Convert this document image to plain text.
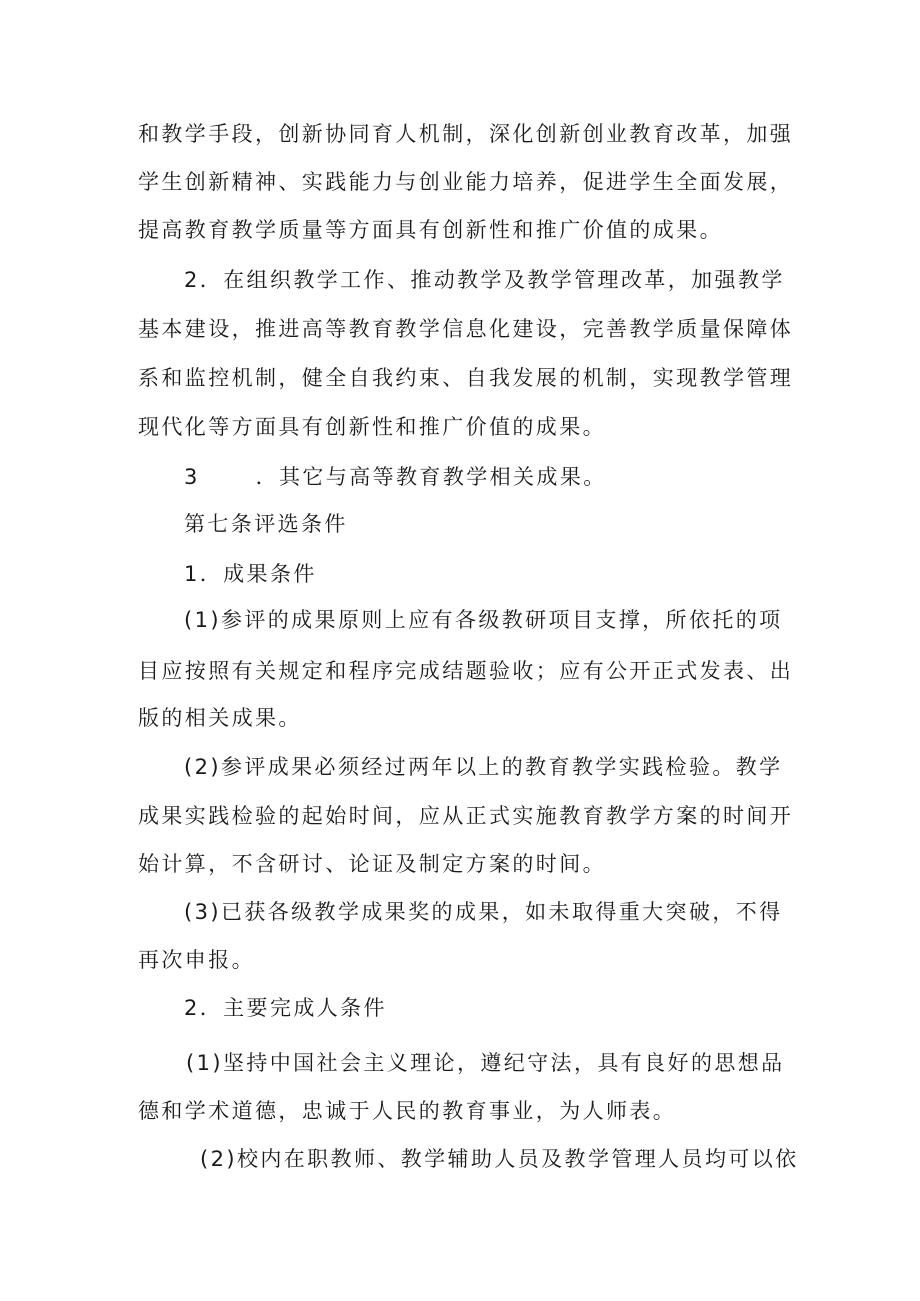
和教学手段，创新协同育人机制，深化创新创业教育改革，加强
学生创新精神、实践能力与创业能力培养，促进学生全面发展，
提高教育教学质量等方面具有创新性和推广价值的成果。
2．在组织教学工作、推动教学及教学管理改革，加强教学
基本建设，推进高等教育教学信息化建设，完善教学质量保障体
系和监控机制，健全自我约束、自我发展的机制，实现教学管理
现代化等方面具有创新性和推广价值的成果。
3 　　．其它与高等教育教学相关成果。
第七条评选条件
1．成果条件
(1)参评的成果原则上应有各级教研项目支撑，所依托的项
目应按照有关规定和程序完成结题验收；应有公开正式发表、出
版的相关成果。
(2)参评成果必须经过两年以上的教育教学实践检验。教学
成果实践检验的起始时间，应从正式实施教育教学方案的时间开
始计算，不含研讨、论证及制定方案的时间。
(3)已获各级教学成果奖的成果，如未取得重大突破，不得
再次申报。
2．主要完成人条件
(1)坚持中国社会主义理论，遵纪守法，具有良好的思想品
德和学术道德，忠诚于人民的教育事业，为人师表。
(2)校内在职教师、教学辅助人员及教学管理人员均可以依
